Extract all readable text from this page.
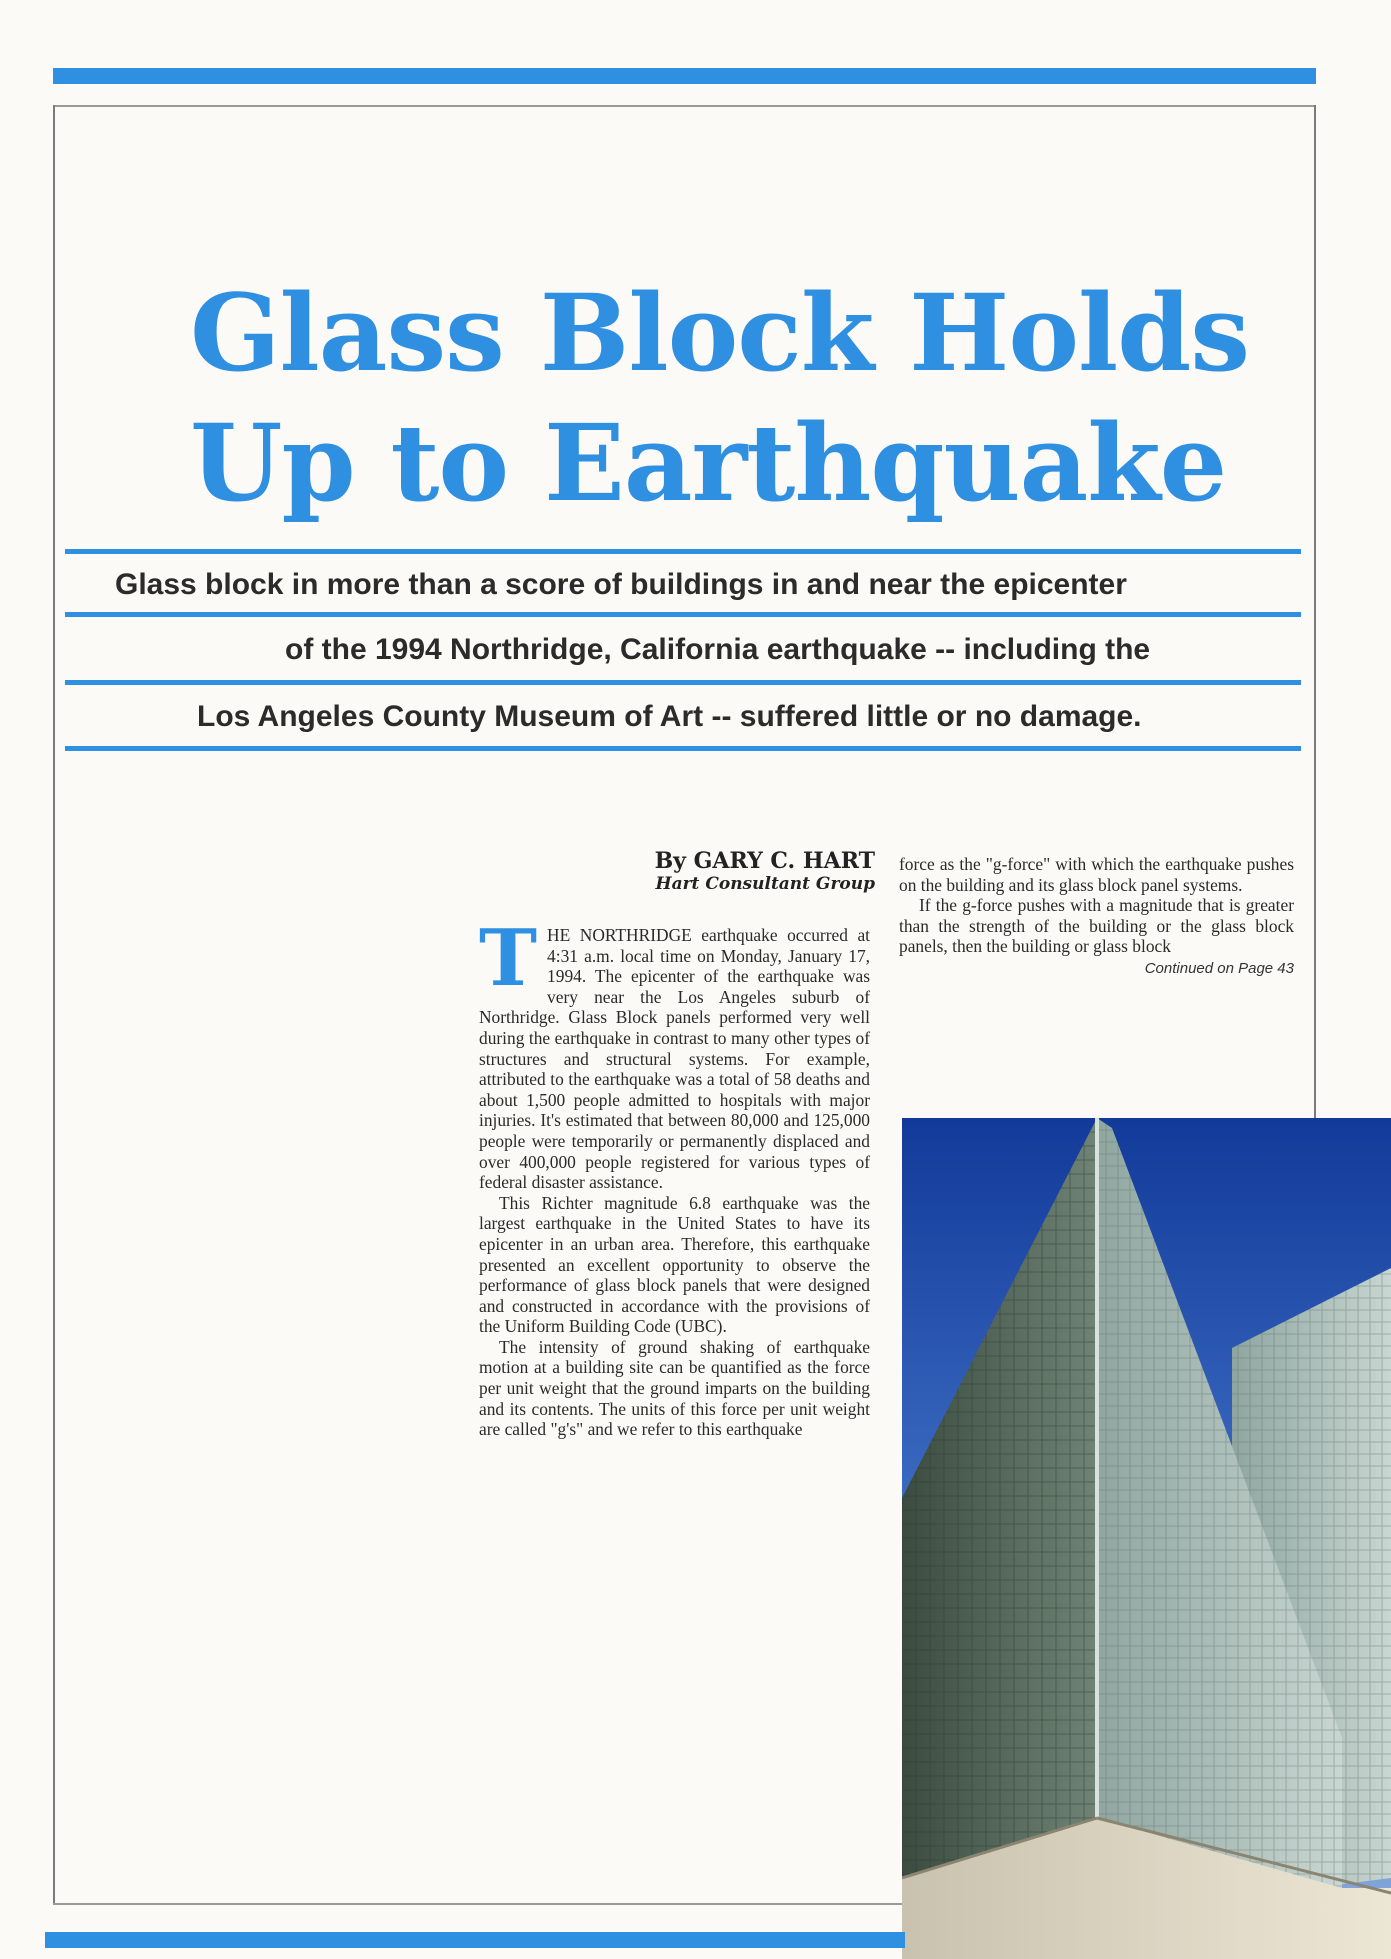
Glass Block Holds
Up to Earthquake

Glass block in more than a score of buildings in and near the epicenter

of the 1994 Northridge, California earthquake -- including the

Los Angeles County Museum of Art -- suffered little or no damage.

By GARY C. HART
Hart Consultant Group

THE NORTHRIDGE earthquake occurred at 4:31 a.m. local time on Monday, January 17, 1994. The epicenter of the earthquake was very near the Los Angeles suburb of Northridge. Glass Block panels performed very well during the earthquake in contrast to many other types of structures and structural systems. For example, attributed to the earthquake was a total of 58 deaths and about 1,500 people admitted to hospitals with major injuries. It's estimated that between 80,000 and 125,000 people were temporarily or permanently displaced and over 400,000 people registered for various types of federal disaster assistance.

This Richter magnitude 6.8 earthquake was the largest earthquake in the United States to have its epicenter in an urban area. Therefore, this earthquake presented an excellent opportunity to observe the performance of glass block panels that were designed and constructed in accordance with the provisions of the Uniform Building Code (UBC).

The intensity of ground shaking of earthquake motion at a building site can be quantified as the force per unit weight that the ground imparts on the building and its contents. The units of this force per unit weight are called "g's" and we refer to this earthquake

force as the "g-force" with which the earthquake pushes on the building and its glass block panel systems.

If the g-force pushes with a magnitude that is greater than the strength of the building or the glass block panels, then the building or glass block

Continued on Page 43
